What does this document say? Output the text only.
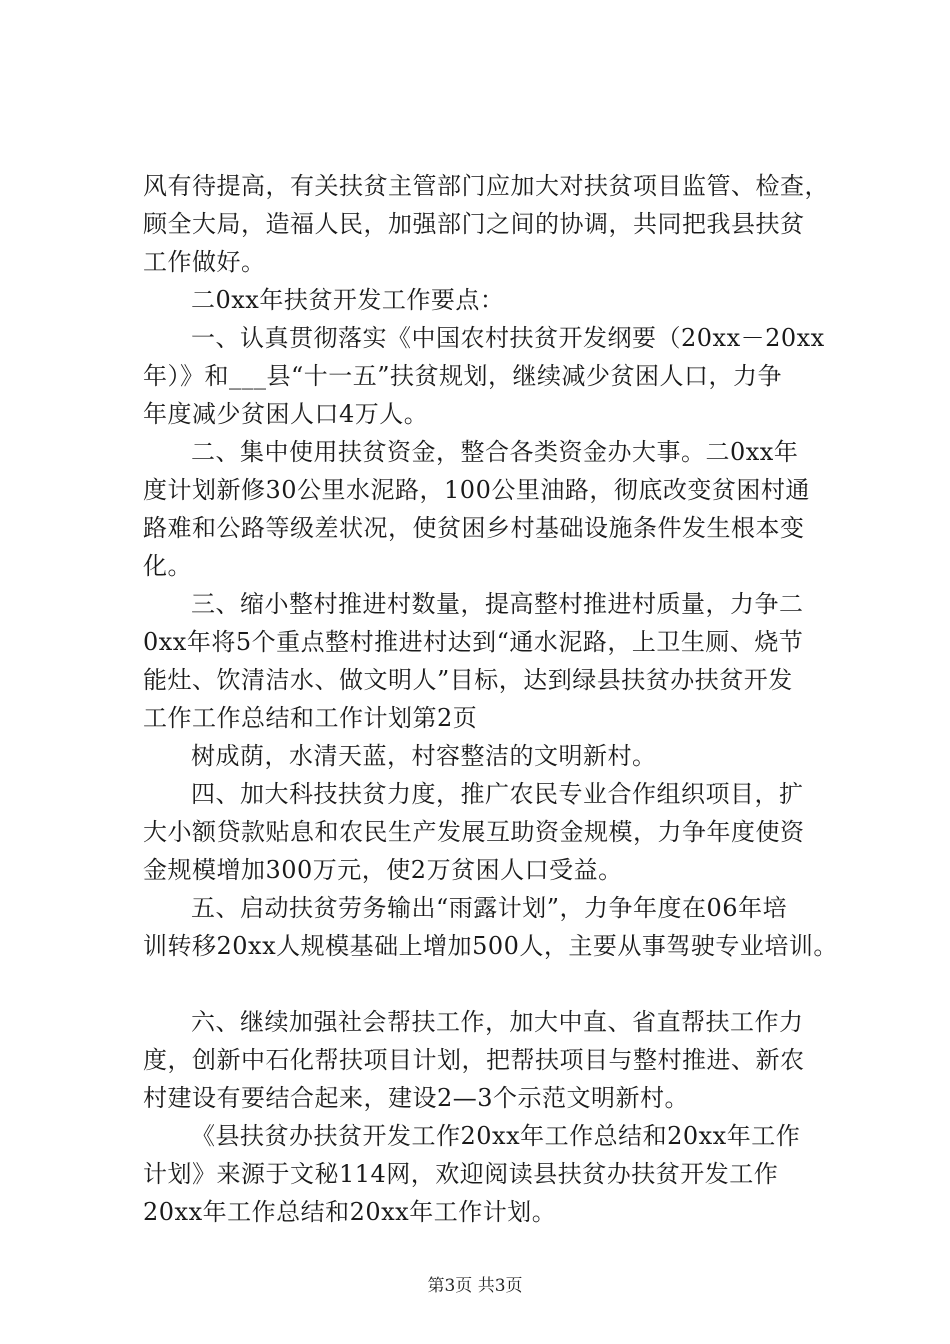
风有待提高，有关扶贫主管部门应加大对扶贫项目监管、检查，
顾全大局，造福人民，加强部门之间的协调，共同把我县扶贫
工作做好。
二0xx年扶贫开发工作要点：
一、认真贯彻落实《中国农村扶贫开发纲要（20xx－20xx
年）》和___县“十一五”扶贫规划，继续减少贫困人口，力争
年度减少贫困人口4万人。
二、集中使用扶贫资金，整合各类资金办大事。二0xx年
度计划新修30公里水泥路，100公里油路，彻底改变贫困村通
路难和公路等级差状况，使贫困乡村基础设施条件发生根本变
化。
三、缩小整村推进村数量，提高整村推进村质量，力争二
0xx年将5个重点整村推进村达到“通水泥路，上卫生厕、烧节
能灶、饮清洁水、做文明人”目标，达到绿县扶贫办扶贫开发
工作工作总结和工作计划第2页
树成荫，水清天蓝，村容整洁的文明新村。
四、加大科技扶贫力度，推广农民专业合作组织项目，扩
大小额贷款贴息和农民生产发展互助资金规模，力争年度使资
金规模增加300万元，使2万贫困人口受益。
五、启动扶贫劳务输出“雨露计划”，力争年度在06年培
训转移20xx人规模基础上增加500人，主要从事驾驶专业培训。
六、继续加强社会帮扶工作，加大中直、省直帮扶工作力
度，创新中石化帮扶项目计划，把帮扶项目与整村推进、新农
村建设有要结合起来，建设2—3个示范文明新村。
《县扶贫办扶贫开发工作20xx年工作总结和20xx年工作
计划》来源于文秘114网，欢迎阅读县扶贫办扶贫开发工作
20xx年工作总结和20xx年工作计划。
第3页 共3页
